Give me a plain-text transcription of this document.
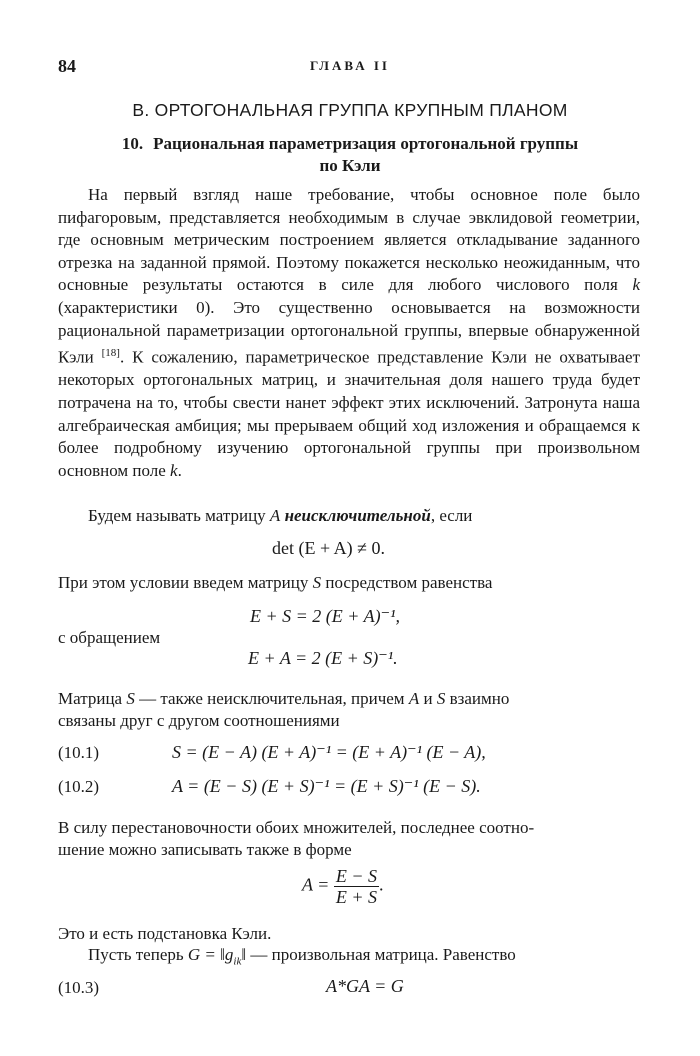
84	ГЛАВА II
В. ОРТОГОНАЛЬНАЯ ГРУППА КРУПНЫМ ПЛАНОМ
10. Рациональная параметризация ортогональной группы
по Кэли
На первый взгляд наше требование, чтобы основное поле было пифагоровым, представляется необходимым в случае эвклидовой геометрии, где основным метрическим построением является откладывание заданного отрезка на заданной прямой. Поэтому покажется несколько неожиданным, что основные результаты остаются в силе для любого числового поля k (характеристики 0). Это существенно основывается на возможности рациональной параметризации ортогональной группы, впервые обнаруженной Кэли [18]. К сожалению, параметрическое представление Кэли не охватывает некоторых ортогональных матриц, и значительная доля нашего труда будет потрачена на то, чтобы свести нанет эффект этих исключений. Затронута наша алгебраическая амбиция; мы прерываем общий ход изложения и обращаемся к более подробному изучению ортогональной группы при произвольном основном поле k.
Будем называть матрицу A неисключительной, если
det (E + A) ≠ 0.
При этом условии введем матрицу S посредством равенства
E + S = 2 (E + A)⁻¹,
с обращением
E + A = 2 (E + S)⁻¹.
Матрица S — также неисключительная, причем A и S взаимно
связаны друг с другом соотношениями
(10.1)	S = (E − A) (E + A)⁻¹ = (E + A)⁻¹ (E − A),
(10.2)	A = (E − S) (E + S)⁻¹ = (E + S)⁻¹ (E − S).
В силу перестановочности обоих множителей, последнее соотно-
шение можно записывать также в форме
$A = \frac{E - S}{E + S}$ .
Это и есть подстановка Кэли.
Пусть теперь $G = ‖g_{ik}‖$ — произвольная матрица. Равенство
(10.3)	A*GA = G
